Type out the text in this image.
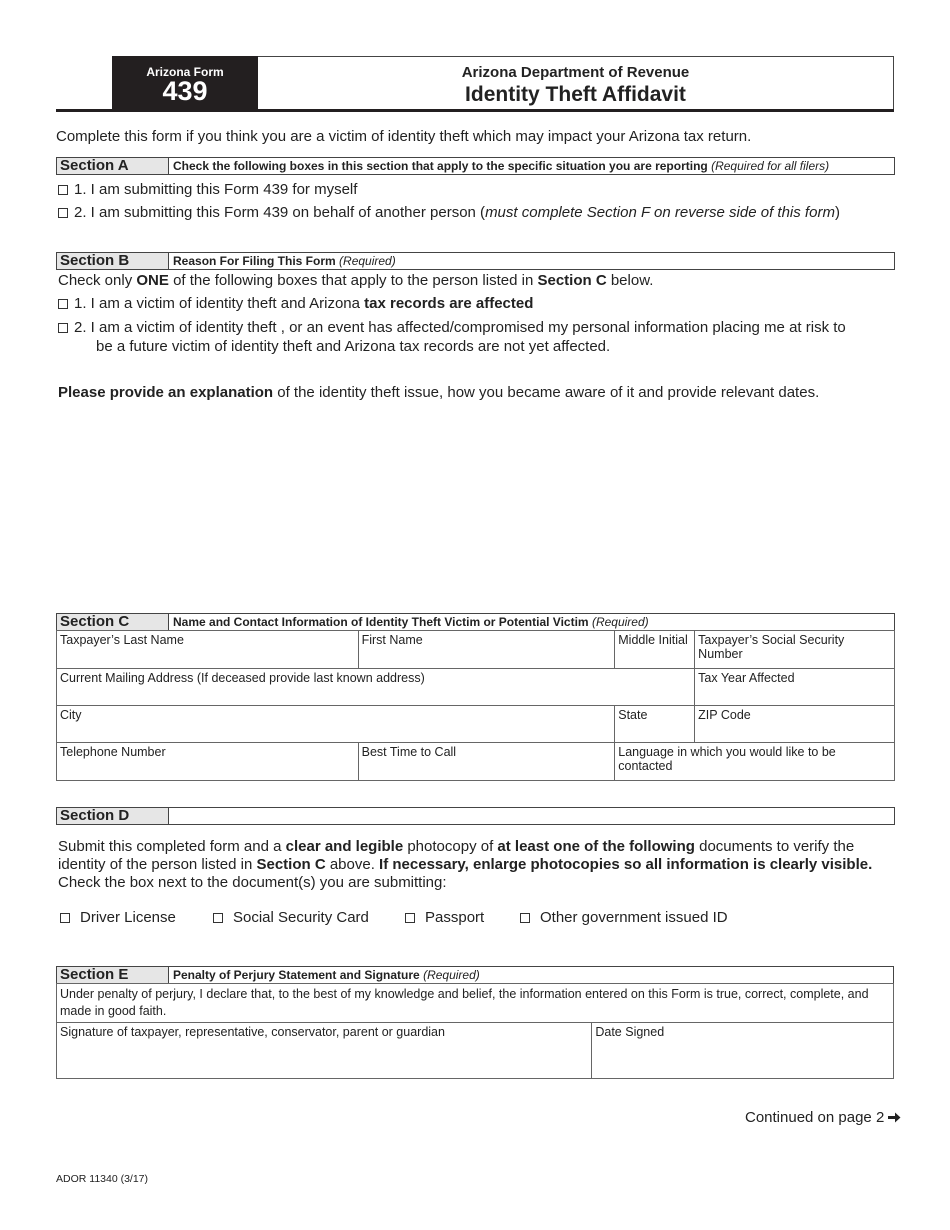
Arizona Form
439
Arizona Department of Revenue
Identity Theft Affidavit
Complete this form if you think you are a victim of identity theft which may impact your Arizona tax return.
Section A	Check the following boxes in this section that apply to the specific situation you are reporting (Required for all filers)
1. I am submitting this Form 439 for myself
2. I am submitting this Form 439 on behalf of another person (must complete Section F on reverse side of this form)
Section B	Reason For Filing This Form (Required)
Check only ONE of the following boxes that apply to the person listed in Section C below.
1. I am a victim of identity theft and Arizona tax records are affected
2. I am a victim of identity theft , or an event has affected/compromised my personal information placing me at risk to
be a future victim of identity theft and Arizona tax records are not yet affected.
Please provide an explanation of the identity theft issue, how you became aware of it and provide relevant dates.
Section C	Name and Contact Information of Identity Theft Victim or Potential Victim (Required)
Taxpayer’s Last Name	First Name	Middle Initial	Taxpayer’s Social Security Number
Current Mailing Address (If deceased provide last known address)			Tax Year Affected
City		State	ZIP Code
Telephone Number	Best Time to Call	Language in which you would like to be contacted	
Section D
Submit this completed form and a clear and legible photocopy of at least one of the following documents to verify the identity of the person listed in Section C above. If necessary, enlarge photocopies so all information is clearly visible. Check the box next to the document(s) you are submitting:
Driver License	Social Security Card	Passport	Other government issued ID
Section E	Penalty of Perjury Statement and Signature (Required)
Under penalty of perjury, I declare that, to the best of my knowledge and belief, the information entered on this Form is true, correct, complete, and made in good faith.
Signature of taxpayer, representative, conservator, parent or guardian	Date Signed
Continued on page 2
ADOR 11340 (3/17)
